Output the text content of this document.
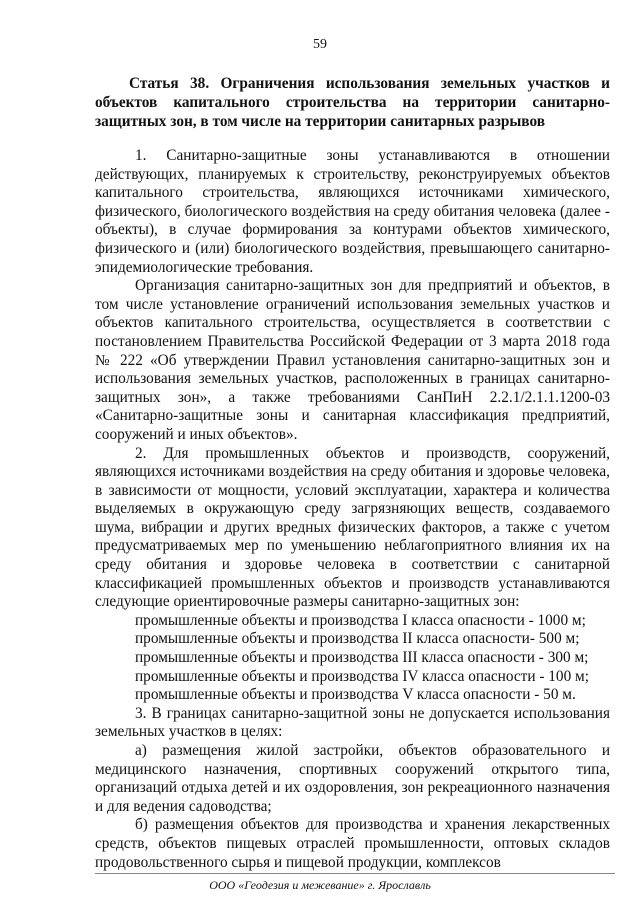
59
Статья 38. Ограничения использования земельных участков и объектов капитального строительства на территории санитарно-защитных зон, в том числе на территории санитарных разрывов

1. Санитарно-защитные зоны устанавливаются в отношении действующих, планируемых к строительству, реконструируемых объектов капитального строительства, являющихся источниками химического, физического, биологического воздействия на среду обитания человека (далее - объекты), в случае формирования за контурами объектов химического, физического и (или) биологического воздействия, превышающего санитарно-эпидемиологические требования.

Организация санитарно-защитных зон для предприятий и объектов, в том числе установление ограничений использования земельных участков и объектов капитального строительства, осуществляется в соответствии с постановлением Правительства Российской Федерации от 3 марта 2018 года № 222 «Об утверждении Правил установления санитарно-защитных зон и использования земельных участков, расположенных в границах санитарно-защитных зон», а также требованиями СанПиН 2.2.1/2.1.1.1200-03 «Санитарно-защитные зоны и санитарная классификация предприятий, сооружений и иных объектов».

2. Для промышленных объектов и производств, сооружений, являющихся источниками воздействия на среду обитания и здоровье человека, в зависимости от мощности, условий эксплуатации, характера и количества выделяемых в окружающую среду загрязняющих веществ, создаваемого шума, вибрации и других вредных физических факторов, а также с учетом предусматриваемых мер по уменьшению неблагоприятного влияния их на среду обитания и здоровье человека в соответствии с санитарной классификацией промышленных объектов и производств устанавливаются следующие ориентировочные размеры санитарно-защитных зон:

промышленные объекты и производства I класса опасности - 1000 м;

промышленные объекты и производства II класса опасности- 500 м;

промышленные объекты и производства III класса опасности - 300 м;

промышленные объекты и производства IV класса опасности - 100 м;

промышленные объекты и производства V класса опасности - 50 м.

3. В границах санитарно-защитной зоны не допускается использования земельных участков в целях:

а) размещения жилой застройки, объектов образовательного и медицинского назначения, спортивных сооружений открытого типа, организаций отдыха детей и их оздоровления, зон рекреационного назначения и для ведения садоводства;

б) размещения объектов для производства и хранения лекарственных средств, объектов пищевых отраслей промышленности, оптовых складов продовольственного сырья и пищевой продукции, комплексов

ООО «Геодезия и межевание» г. Ярославль
